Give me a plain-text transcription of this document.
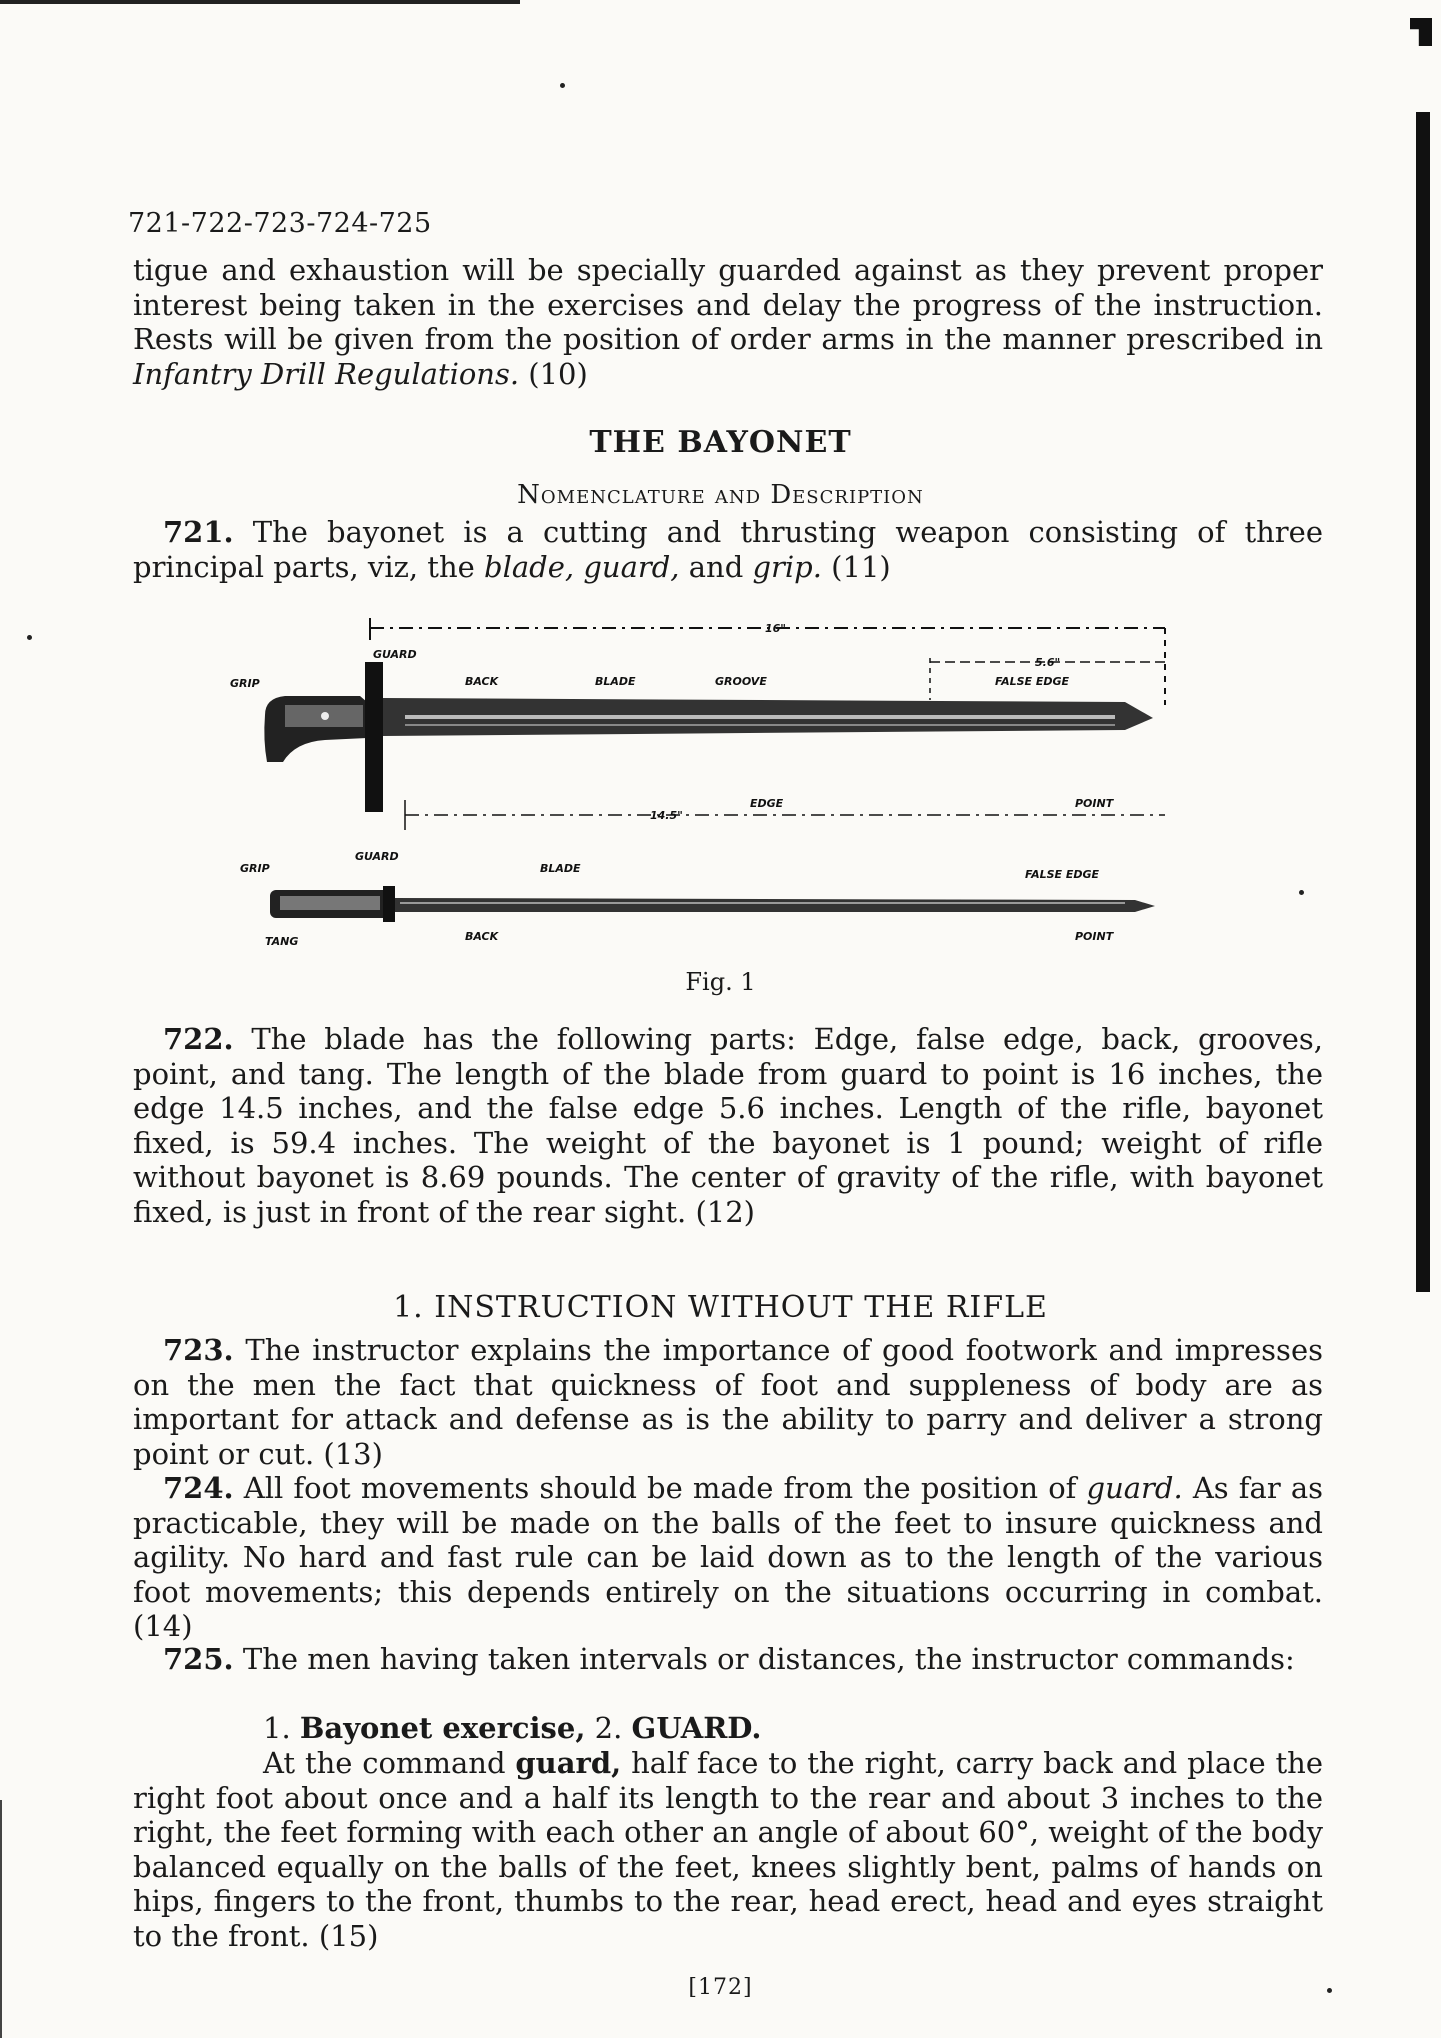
721-722-723-724-725

tigue and exhaustion will be specially guarded against as they prevent proper interest being taken in the exercises and delay the progress of the instruction. Rests will be given from the position of order arms in the manner prescribed in Infantry Drill Regulations. (10)

THE BAYONET
Nomenclature and Description

721. The bayonet is a cutting and thrusting weapon consisting of three principal parts, viz, the blade, guard, and grip. (11)

16"
5.6"
14.5"
GUARD
GRIP	BACK	BLADE	GROOVE	FALSE EDGE
EDGE	POINT
GRIP
GUARD
BLADE	FALSE EDGE
TANG	BACK	POINT
Fig. 1

722. The blade has the following parts: Edge, false edge, back, grooves, point, and tang. The length of the blade from guard to point is 16 inches, the edge 14.5 inches, and the false edge 5.6 inches. Length of the rifle, bayonet fixed, is 59.4 inches. The weight of the bayonet is 1 pound; weight of rifle without bayonet is 8.69 pounds. The center of gravity of the rifle, with bayonet fixed, is just in front of the rear sight. (12)

1. INSTRUCTION WITHOUT THE RIFLE

723. The instructor explains the importance of good footwork and impresses on the men the fact that quickness of foot and suppleness of body are as important for attack and defense as is the ability to parry and deliver a strong point or cut. (13)

724. All foot movements should be made from the position of guard. As far as practicable, they will be made on the balls of the feet to insure quickness and agility. No hard and fast rule can be laid down as to the length of the various foot movements; this depends entirely on the situations occurring in combat. (14)

725. The men having taken intervals or distances, the instructor commands:

1. Bayonet exercise, 2. GUARD.

At the command guard, half face to the right, carry back and place the right foot about once and a half its length to the rear and about 3 inches to the right, the feet forming with each other an angle of about 60°, weight of the body balanced equally on the balls of the feet, knees slightly bent, palms of hands on hips, fingers to the front, thumbs to the rear, head erect, head and eyes straight to the front. (15)

[172]
